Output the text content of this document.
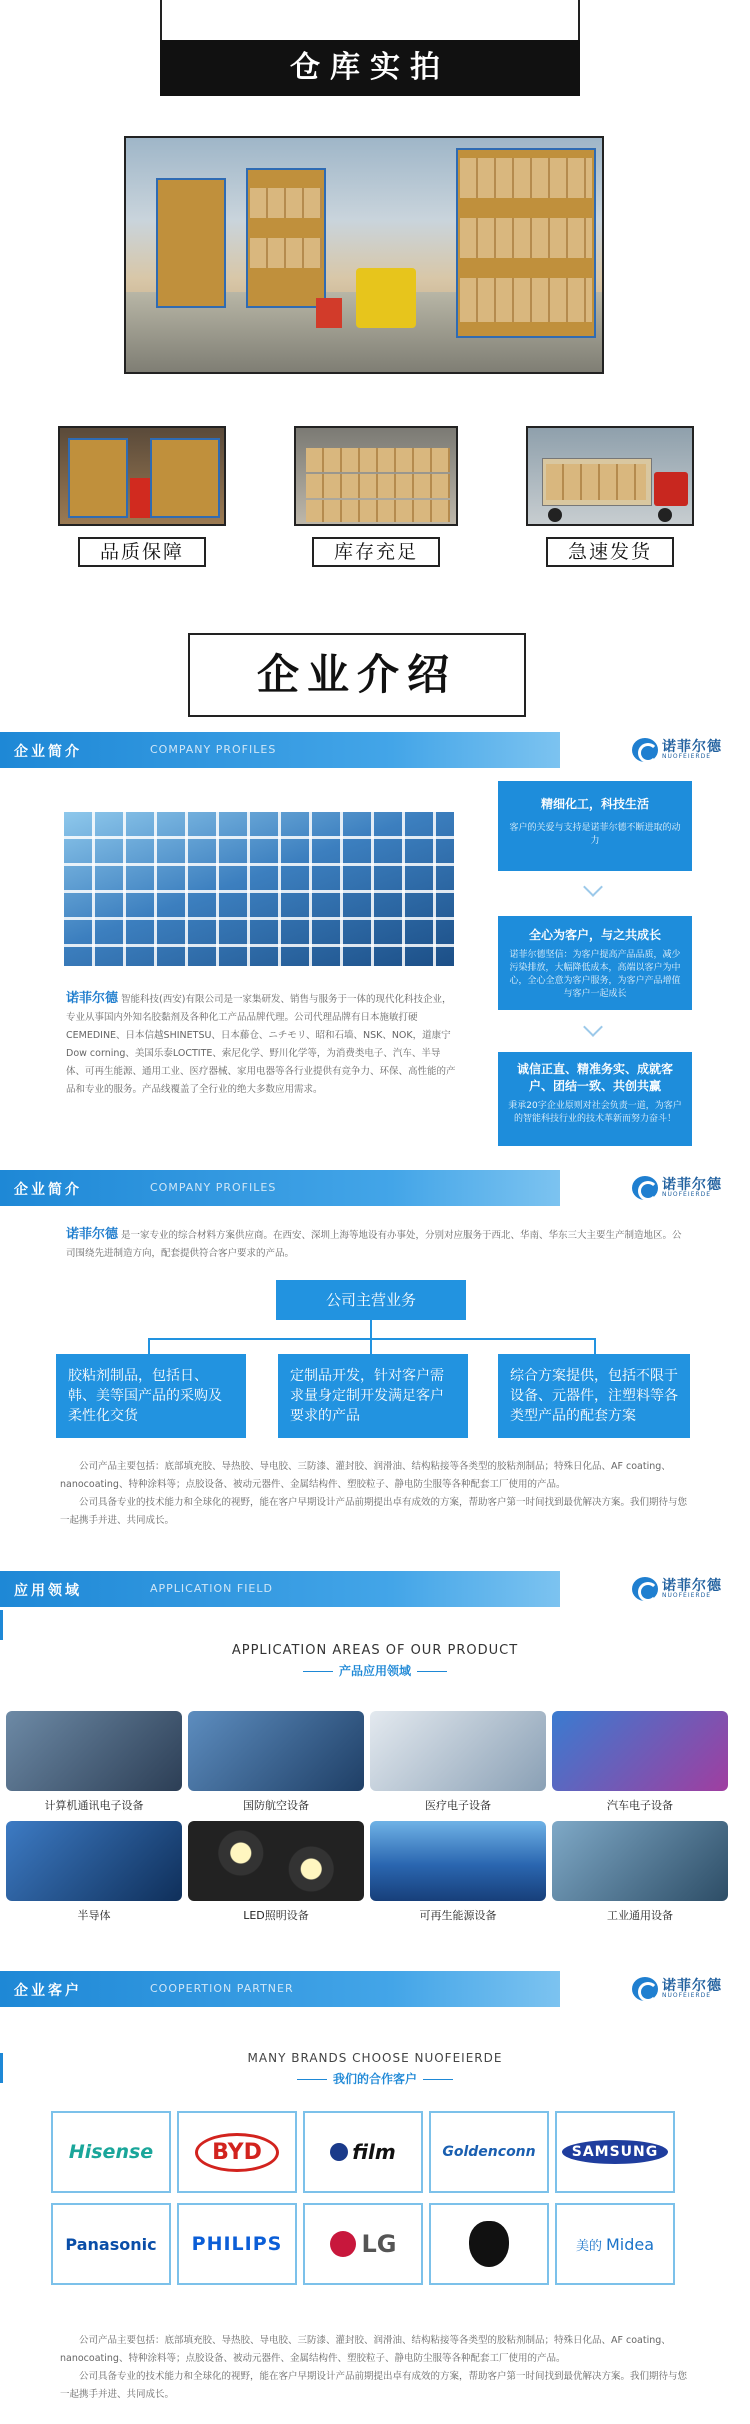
仓库实拍
品质保障	库存充足	急速发货
企业介绍
企业简介	COMPANY PROFILES	诺菲尔德
NUOFEIERDE
诺菲尔德 智能科技(西安)有限公司是一家集研发、销售与服务于一体的现代化科技企业，专业从事国内外知名胶黏剂及各种化工产品品牌代理。公司代理品牌有日本施敏打硬 CEMEDINE、日本信越SHINETSU、日本藤仓、ニチモリ、昭和石墙、NSK、NOK，道康宁Dow corning、美国乐泰LOCTITE、索尼化学、野川化学等，为消费类电子、汽车、半导体、可再生能源、通用工业、医疗器械、家用电器等各行业提供有竞争力、环保、高性能的产品和专业的服务。产品线覆盖了全行业的绝大多数应用需求。
精细化工，科技生活
客户的关爱与支持是诺菲尔德不断进取的动力
全心为客户，与之共成长
诺菲尔德坚信：为客户提高产品品质，减少污染排放，大幅降低成本，高端以客户为中心，全心全意为客户服务，为客户产品增值与客户一起成长
诚信正直、精准务实、成就客户、团结一致、共创共赢
秉承20字企业原则对社会负责一道，为客户的智能科技行业的技术革新而努力奋斗！
企业简介	COMPANY PROFILES	诺菲尔德
NUOFEIERDE
诺菲尔德 是一家专业的综合材料方案供应商。在西安、深圳上海等地设有办事处，分别对应服务于西北、华南、华东三大主要生产制造地区。公司围绕先进制造方向，配套提供符合客户要求的产品。
公司主营业务
胶粘剂制品，包括日、韩、美等国产品的采购及柔性化交货
定制品开发，针对客户需求量身定制开发满足客户要求的产品
综合方案提供，包括不限于设备、元器件，注塑料等各类型产品的配套方案
公司产品主要包括：底部填充胶、导热胶、导电胶、三防漆、灌封胶、润滑油、结构粘接等各类型的胶粘剂制品；特殊日化品、AF coating、nanocoating、特种涂料等；点胶设备、被动元器件、金属结构件、塑胶粒子、静电防尘服等各种配套工厂使用的产品。
公司具备专业的技术能力和全球化的视野，能在客户早期设计产品前期提出卓有成效的方案，帮助客户第一时间找到最优解决方案。我们期待与您一起携手并进、共同成长。
应用领域	APPLICATION FIELD	诺菲尔德
NUOFEIERDE
APPLICATION AREAS OF OUR PRODUCT
产品应用领域
计算机通讯电子设备	国防航空设备	医疗电子设备	汽车电子设备
半导体	LED照明设备	可再生能源设备	工业通用设备
企业客户	COOPERTION PARTNER	诺菲尔德
NUOFEIERDE
MANY BRANDS CHOOSE NUOFEIERDE
我们的合作客户
Hisense	BYD	film	Goldenconn	SAMSUNG
Panasonic PHILIPS	LG	美的 Midea
公司产品主要包括：底部填充胶、导热胶、导电胶、三防漆、灌封胶、润滑油、结构粘接等各类型的胶粘剂制品；特殊日化品、AF coating、nanocoating、特种涂料等；点胶设备、被动元器件、金属结构件、塑胶粒子、静电防尘服等各种配套工厂使用的产品。
公司具备专业的技术能力和全球化的视野，能在客户早期设计产品前期提出卓有成效的方案，帮助客户第一时间找到最优解决方案。我们期待与您一起携手并进、共同成长。
